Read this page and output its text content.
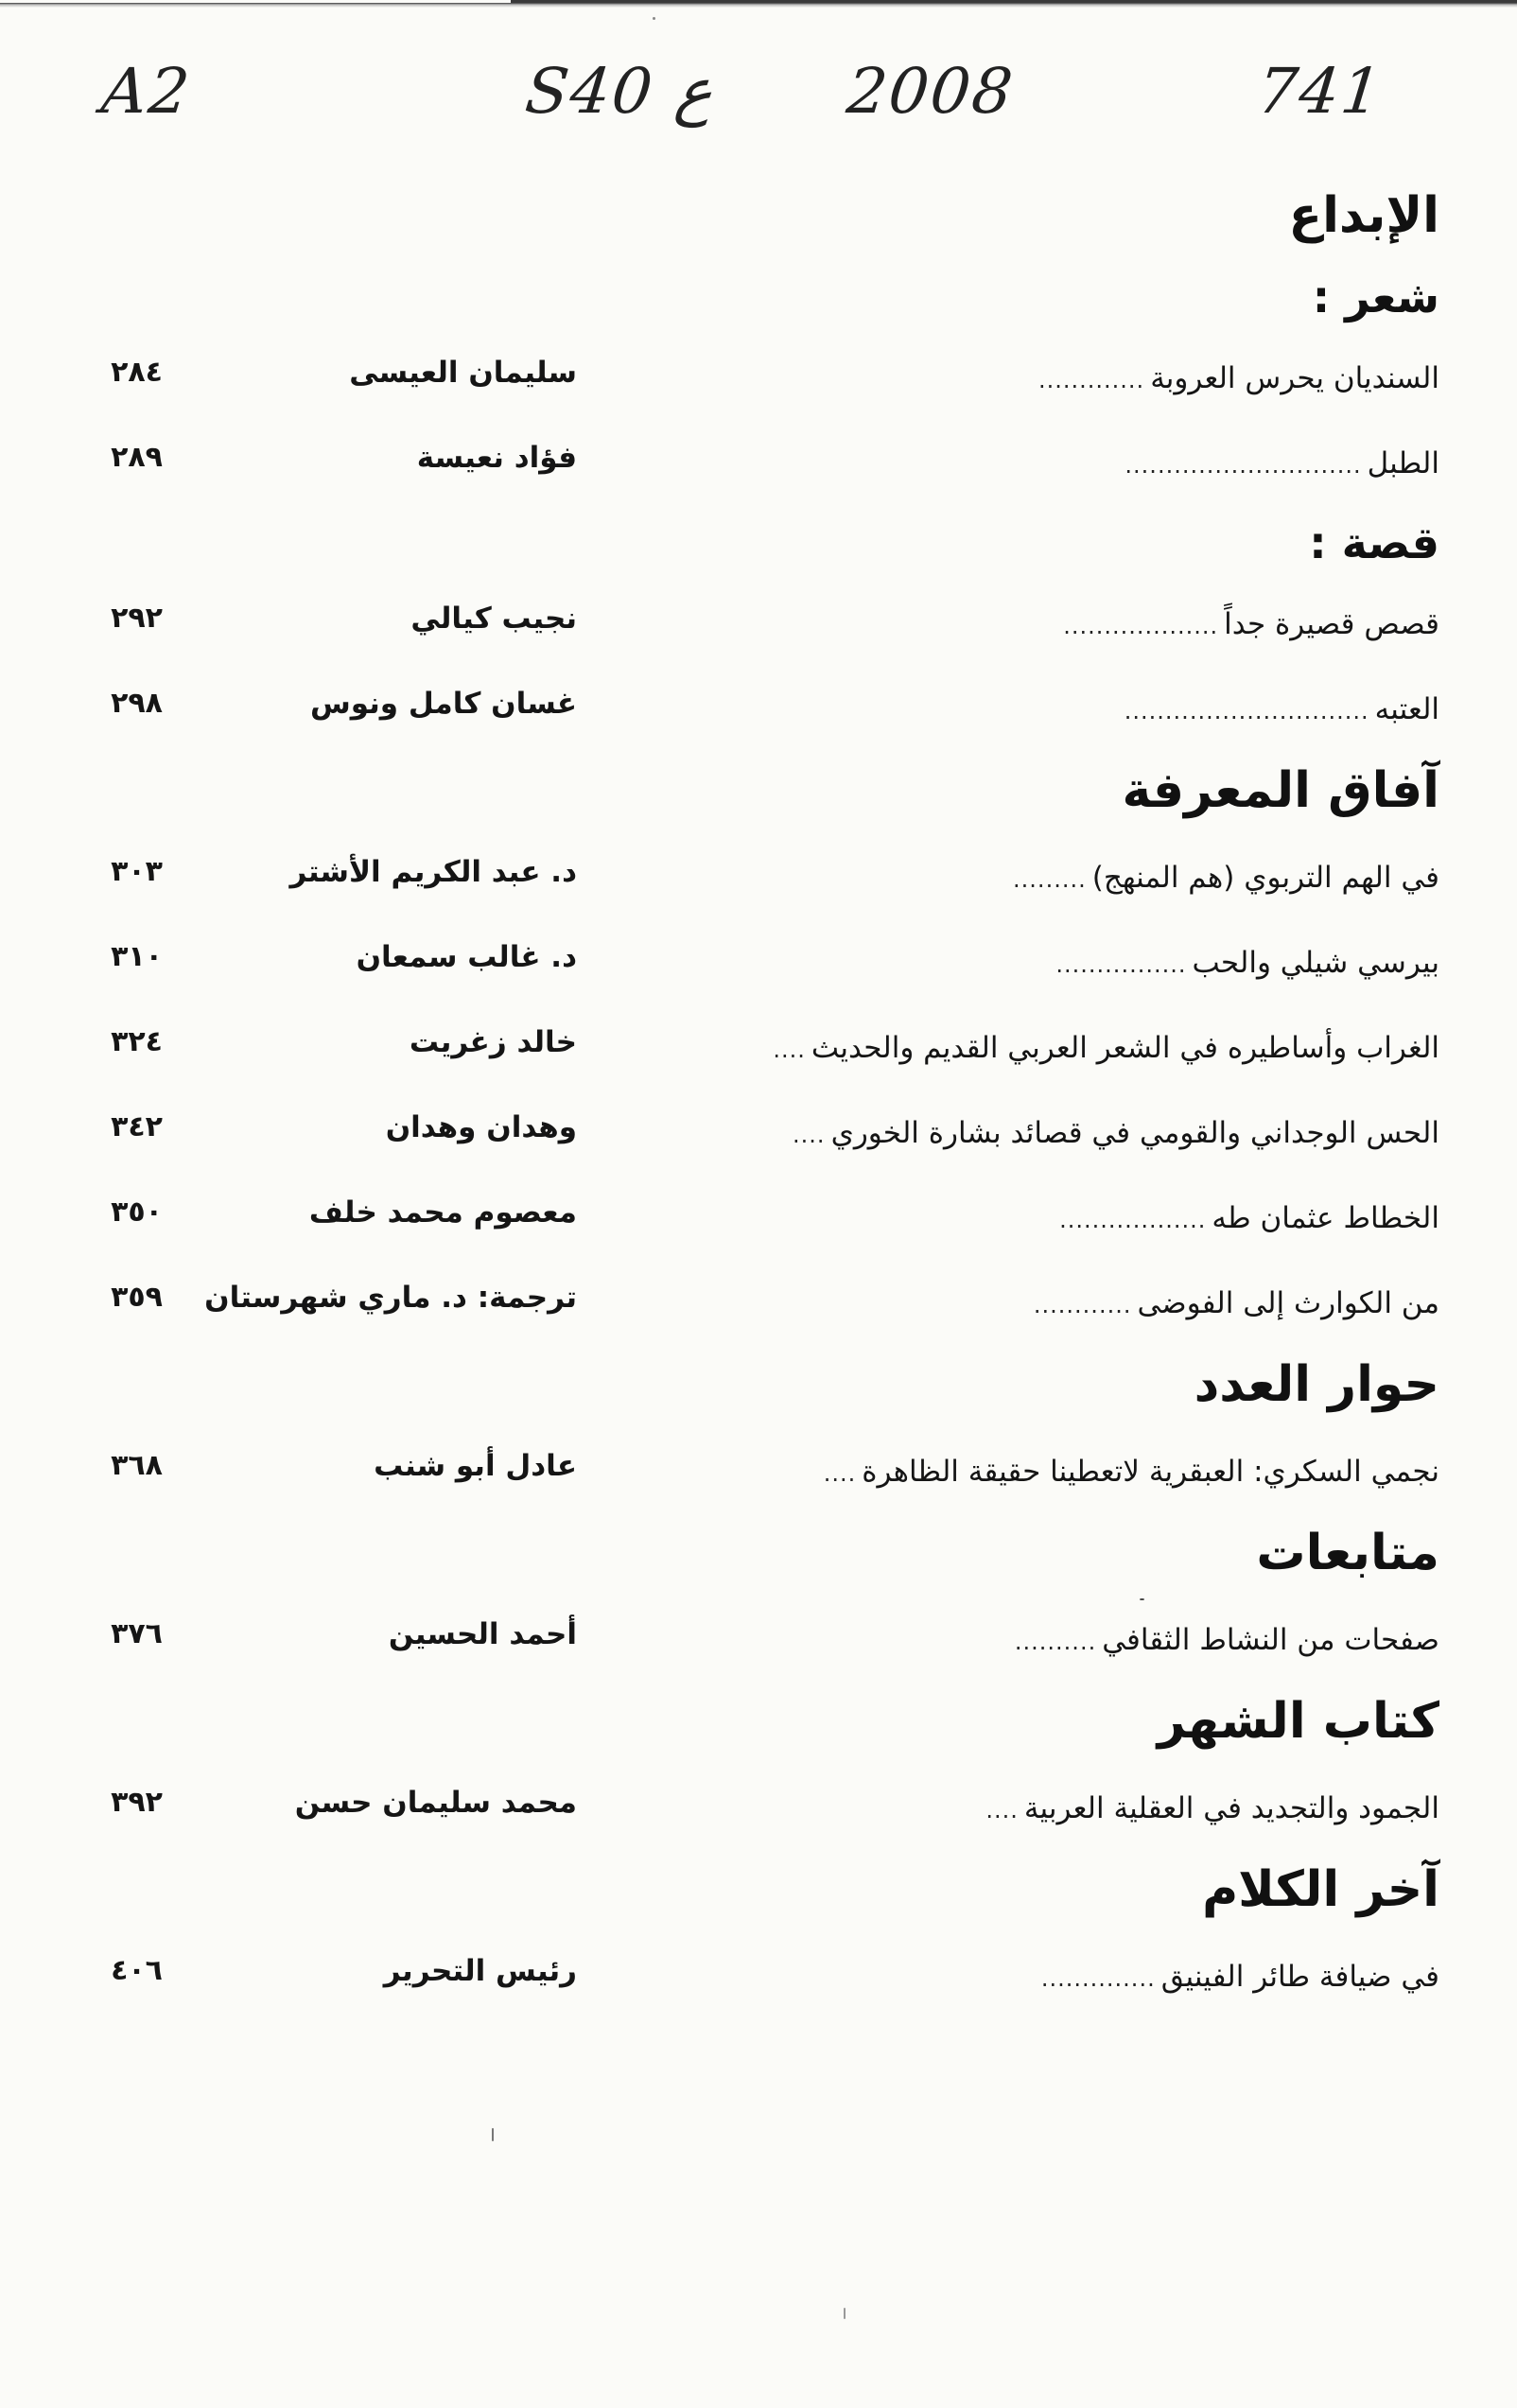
A2	S40 ع 2008	741
الإبداع
شعر :
السنديان يحرس العروبة
.............
سليمان العيسى
٢٨٤
الطبل
.............................
فؤاد نعيسة
٢٨٩
قصة :
قصص قصيرة جداً
...................
نجيب كيالي
٢٩٢
العتبه
..............................
غسان كامل ونوس
٢٩٨
آفاق المعرفة
في الهم التربوي (هم المنهج)
.........
د. عبد الكريم الأشتر
٣٠٣
بيرسي شيلي والحب
................
د. غالب سمعان
٣١٠
الغراب وأساطيره في الشعر العربي القديم والحديث
....
خالد زغريت
٣٢٤
الحس الوجداني والقومي في قصائد بشارة الخوري
....
وهدان وهدان
٣٤٢
الخطاط عثمان طه
..................
معصوم محمد خلف
٣٥٠
من الكوارث إلى الفوضى
............
ترجمة: د. ماري شهرستان
٣٥٩
حوار العدد
نجمي السكري: العبقرية لاتعطينا حقيقة الظاهرة
....
عادل أبو شنب
٣٦٨
متابعات
صفحات من النشاط الثقافي
..........
أحمد الحسين
٣٧٦
كتاب الشهر
الجمود والتجديد في العقلية العربية
....
محمد سليمان حسن
٣٩٢
آخر الكلام
في ضيافة طائر الفينيق
..............
رئيس التحرير
٤٠٦
